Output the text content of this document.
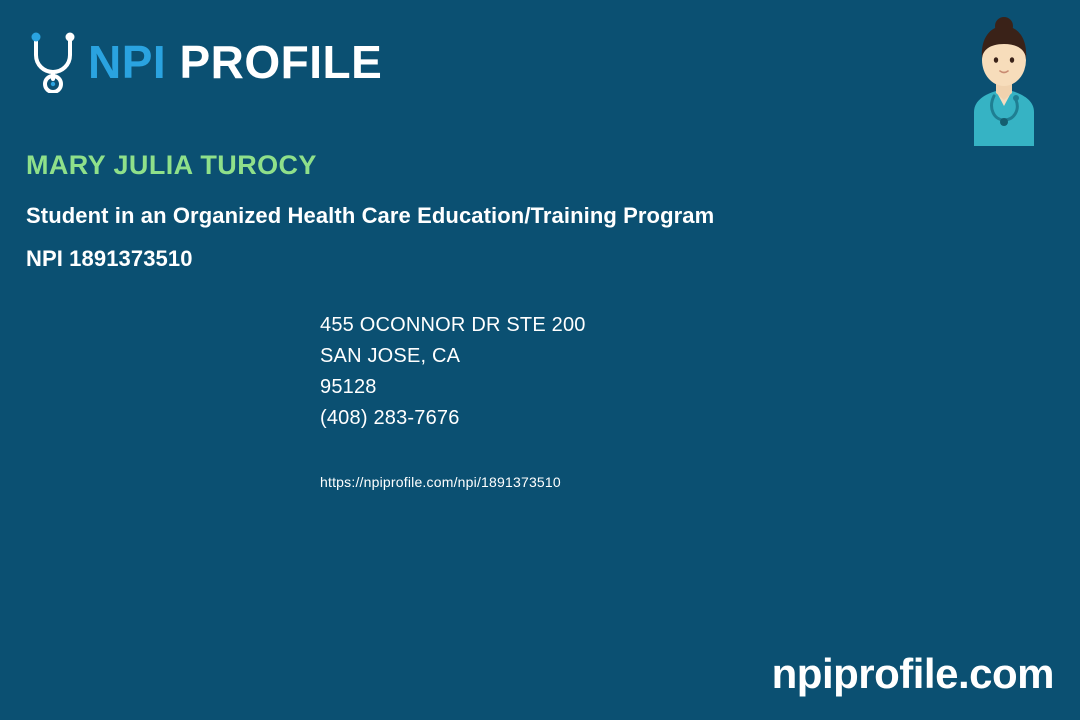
NPI PROFILE
MARY JULIA TUROCY
Student in an Organized Health Care Education/Training Program
NPI 1891373510
455 OCONNOR DR STE 200
SAN JOSE, CA
95128
(408) 283-7676
https://npiprofile.com/npi/1891373510
npiprofile.com
